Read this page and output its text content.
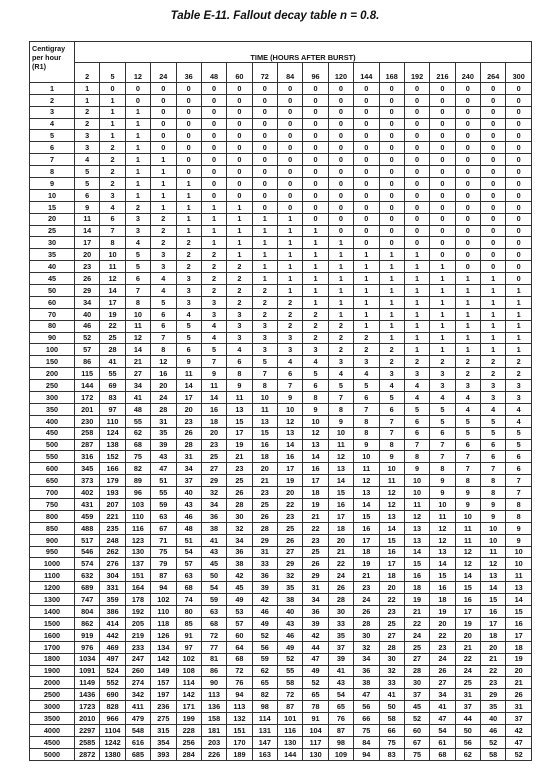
Table E-11. Fallout decay table n = 0.8.
Centigray
per hour
(R1)	TIME (HOURS AFTER BURST)																	
	2	5	12	24	36	48	60	72	84	96	120	144	168	192	216	240	264	300
1	1	0	0	0	0	0	0	0	0	0	0	0	0	0	0	0	0	0
2	1	1	0	0	0	0	0	0	0	0	0	0	0	0	0	0	0	0
3	2	1	1	0	0	0	0	0	0	0	0	0	0	0	0	0	0	0
4	2	1	1	0	0	0	0	0	0	0	0	0	0	0	0	0	0	0
5	3	1	1	0	0	0	0	0	0	0	0	0	0	0	0	0	0	0
6	3	2	1	0	0	0	0	0	0	0	0	0	0	0	0	0	0	0
7	4	2	1	1	0	0	0	0	0	0	0	0	0	0	0	0	0	0
8	5	2	1	1	0	0	0	0	0	0	0	0	0	0	0	0	0	0
9	5	2	1	1	1	0	0	0	0	0	0	0	0	0	0	0	0	0
10	6	3	1	1	1	0	0	0	0	0	0	0	0	0	0	0	0	0
15	9	4	2	1	1	1	1	0	0	0	0	0	0	0	0	0	0	0
20	11	6	3	2	1	1	1	1	1	0	0	0	0	0	0	0	0	0
25	14	7	3	2	1	1	1	1	1	1	0	0	0	0	0	0	0	0
30	17	8	4	2	2	1	1	1	1	1	1	0	0	0	0	0	0	0
35	20	10	5	3	2	2	1	1	1	1	1	1	1	1	0	0	0	0
40	23	11	5	3	2	2	2	1	1	1	1	1	1	1	1	0	0	0
45	26	12	6	4	3	2	2	1	1	1	1	1	1	1	1	1	1	0
50	29	14	7	4	3	2	2	2	1	1	1	1	1	1	1	1	1	1
60	34	17	8	5	3	3	2	2	2	1	1	1	1	1	1	1	1	1
70	40	19	10	6	4	3	3	2	2	2	1	1	1	1	1	1	1	1
80	46	22	11	6	5	4	3	3	2	2	2	1	1	1	1	1	1	1
90	52	25	12	7	5	4	3	3	3	2	2	2	1	1	1	1	1	1
100	57	28	14	8	6	5	4	3	3	3	2	2	2	1	1	1	1	1
150	86	41	21	12	9	7	6	5	4	4	3	3	2	2	2	2	2	2
200	115	55	27	16	11	9	8	7	6	5	4	4	3	3	3	2	2	2
250	144	69	34	20	14	11	9	8	7	6	5	5	4	4	3	3	3	3
300	172	83	41	24	17	14	11	10	9	8	7	6	5	4	4	4	3	3
350	201	97	48	28	20	16	13	11	10	9	8	7	6	5	5	4	4	4
400	230	110	55	31	23	18	15	13	12	10	9	8	7	6	5	5	5	4
450	258	124	62	35	26	20	17	15	13	12	10	8	7	6	6	5	5	5
500	287	138	68	39	28	23	19	16	14	13	11	9	8	7	7	6	6	5
550	316	152	75	43	31	25	21	18	16	14	12	10	9	8	7	7	6	6
600	345	166	82	47	34	27	23	20	17	16	13	11	10	9	8	7	7	6
650	373	179	89	51	37	29	25	21	19	17	14	12	11	10	9	8	8	7
700	402	193	96	55	40	32	26	23	20	18	15	13	12	10	9	9	8	7
750	431	207	103	59	43	34	28	25	22	19	16	14	12	11	10	9	9	8
800	459	221	110	63	46	36	30	26	23	21	17	15	13	12	11	10	9	8
850	488	235	116	67	48	38	32	28	25	22	18	16	14	13	12	11	10	9
900	517	248	123	71	51	41	34	29	26	23	20	17	15	13	12	11	10	9
950	546	262	130	75	54	43	36	31	27	25	21	18	16	14	13	12	11	10
1000	574	276	137	79	57	45	38	33	29	26	22	19	17	15	14	12	12	10
1100	632	304	151	87	63	50	42	36	32	29	24	21	18	16	15	14	13	11
1200	689	331	164	94	68	54	45	39	35	31	26	23	20	18	16	15	14	13
1300	747	359	178	102	74	59	49	42	38	34	28	24	22	19	18	16	15	14
1400	804	386	192	110	80	63	53	46	40	36	30	26	23	21	19	17	16	15
1500	862	414	205	118	85	68	57	49	43	39	33	28	25	22	20	19	17	16
1600	919	442	219	126	91	72	60	52	46	42	35	30	27	24	22	20	18	17
1700	976	469	233	134	97	77	64	56	49	44	37	32	28	25	23	21	20	18
1800	1034	497	247	142	102	81	68	59	52	47	39	34	30	27	24	22	21	19
1900	1091	524	260	149	108	86	72	62	55	49	41	36	32	28	26	24	22	20
2000	1149	552	274	157	114	90	76	65	58	52	43	38	33	30	27	25	23	21
2500	1436	690	342	197	142	113	94	82	72	65	54	47	41	37	34	31	29	26
3000	1723	828	411	236	171	136	113	98	87	78	65	56	50	45	41	37	35	31
3500	2010	966	479	275	199	158	132	114	101	91	76	66	58	52	47	44	40	37
4000	2297	1104	548	315	228	181	151	131	116	104	87	75	66	60	54	50	46	42
4500	2585	1242	616	354	256	203	170	147	130	117	98	84	75	67	61	56	52	47
5000	2872	1380	685	393	284	226	189	163	144	130	109	94	83	75	68	62	58	52
